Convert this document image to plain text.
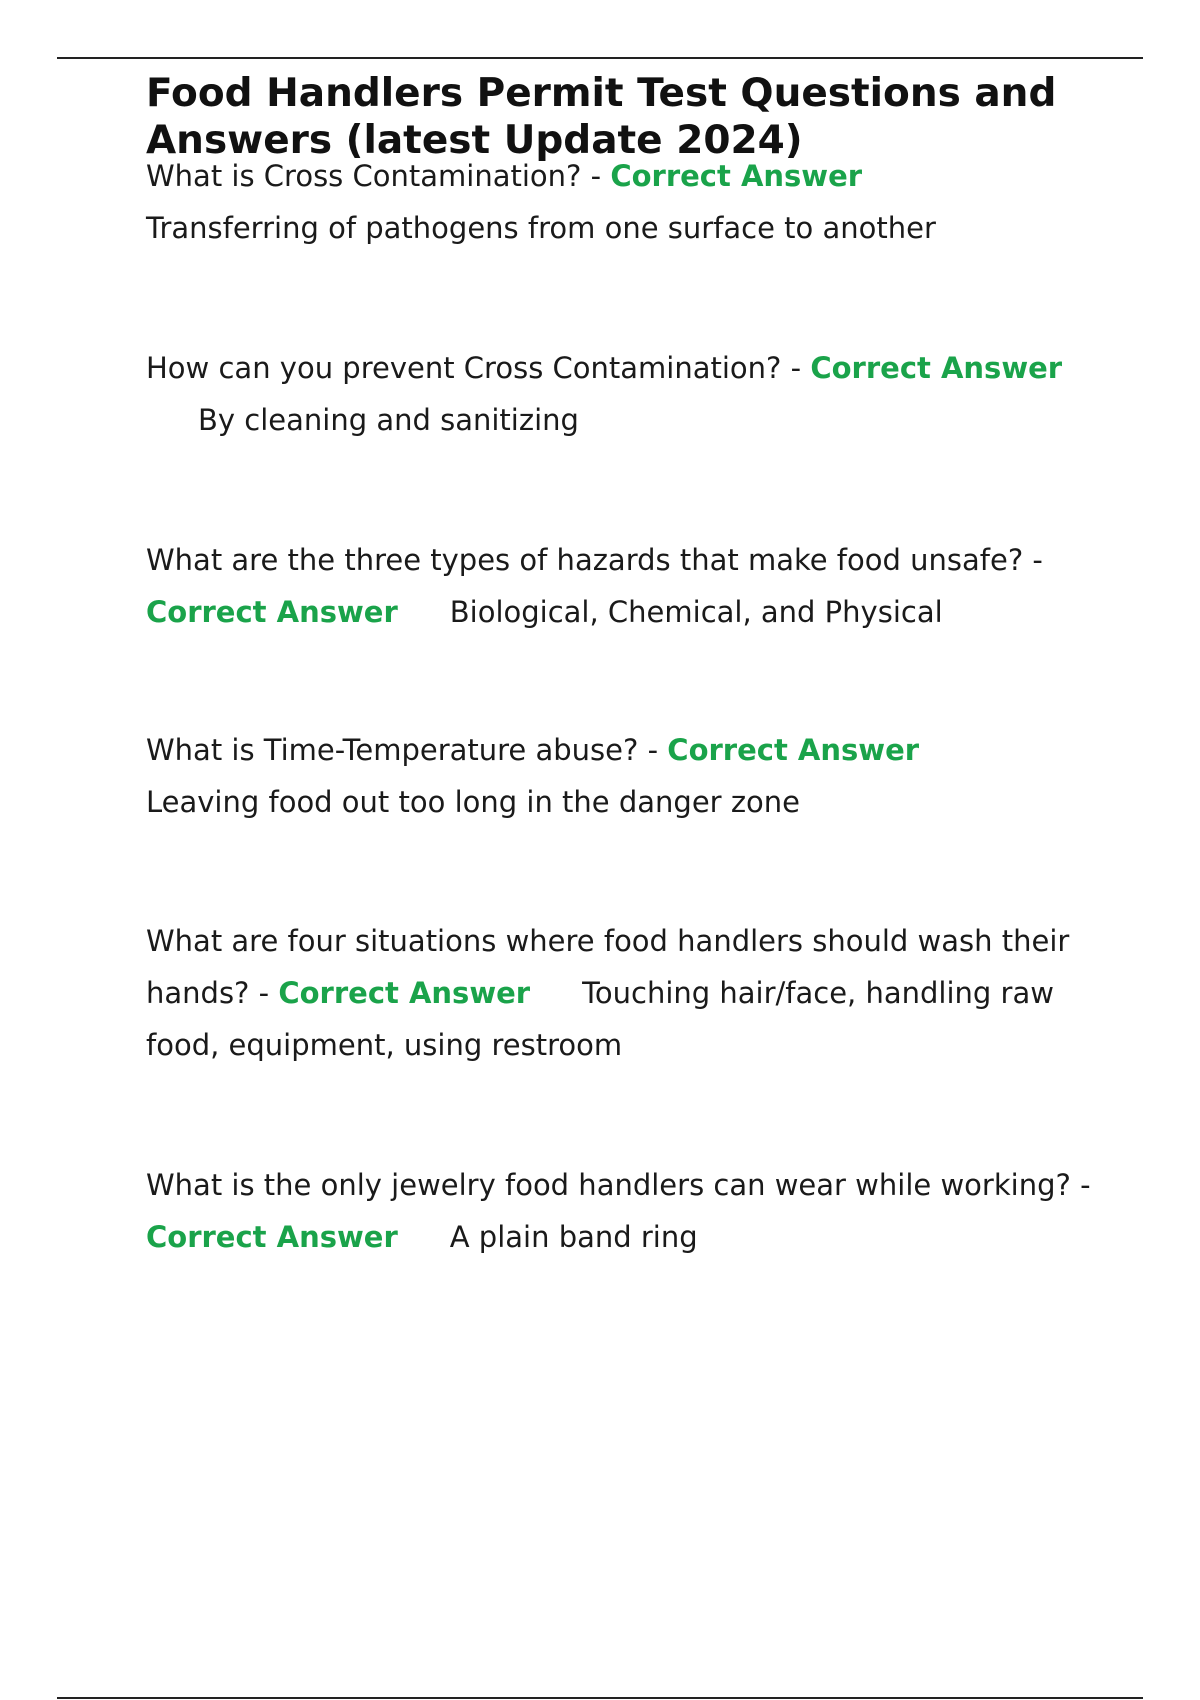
Food Handlers Permit Test Questions and Answers (latest Update 2024)

What is Cross Contamination? - Correct Answer
Transferring of pathogens from one surface to another

How can you prevent Cross Contamination? - Correct AnswerBy cleaning and sanitizing

What are the three types of hazards that make food unsafe? - Correct Answer Biological, Chemical, and Physical

What is Time-Temperature abuse? - Correct Answer
Leaving food out too long in the danger zone

What are four situations where food handlers should wash their hands? - Correct Answer Touching hair/face, handling raw food, equipment, using restroom

What is the only jewelry food handlers can wear while working? - Correct Answer A plain band ring
